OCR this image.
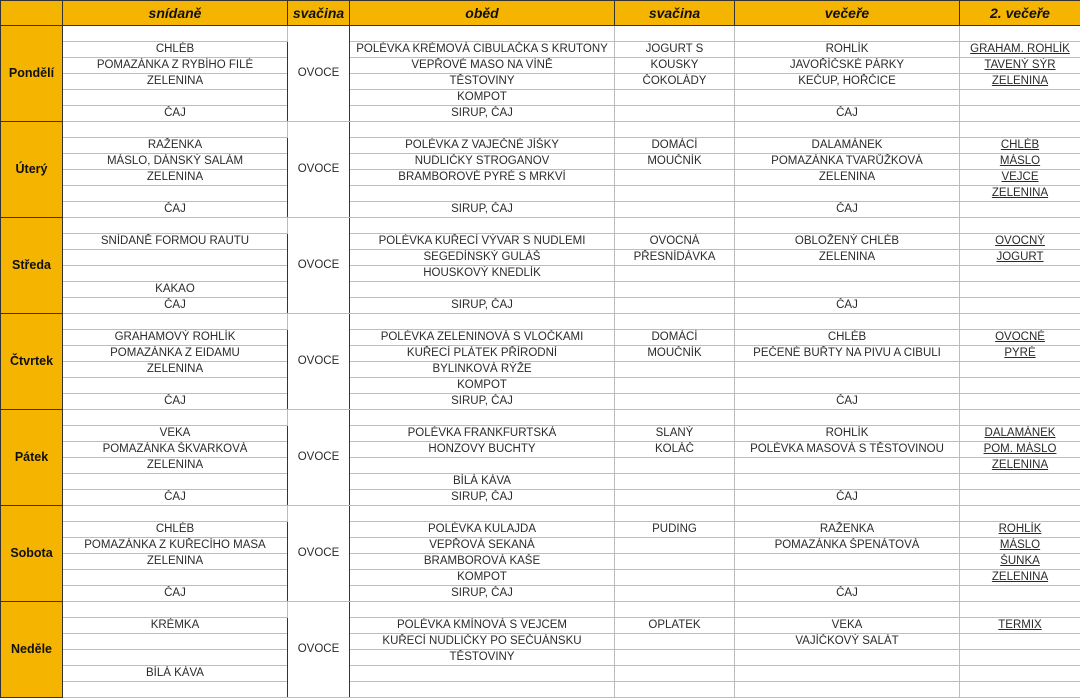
	snídaně	svačina	oběd	svačina	večeře	2. večeře
Pondělí		OVOCE				
	CHLÉB		POLÉVKA KRÉMOVÁ CIBULAČKA S KRUTONY	JOGURT S	ROHLÍK	GRAHAM. ROHLÍK
	POMAZÁNKA Z RYBÍHO FILÉ		VEPŘOVÉ MASO NA VÍNĚ	KOUSKY	JAVOŘÍČSKÉ PÁRKY	TAVENÝ SÝR
	ZELENINA		TĚSTOVINY	ČOKOLÁDY	KEČUP, HOŘČICE	ZELENINA
			KOMPOT			
	ČAJ		SIRUP, ČAJ		ČAJ	
Úterý		OVOCE				
	RAŽENKA		POLÉVKA Z VAJEČNÉ JÍŠKY	DOMÁCÍ	DALAMÁNEK	CHLÉB
	MÁSLO, DÁNSKÝ SALÁM		NUDLIČKY STROGANOV	MOUČNÍK	POMAZÁNKA TVARŮŽKOVÁ	MÁSLO
	ZELENINA		BRAMBOROVÉ PYRÉ S MRKVÍ		ZELENINA	VEJCE
						ZELENINA
	ČAJ		SIRUP, ČAJ		ČAJ	
Středa		OVOCE				
	SNÍDANĚ FORMOU RAUTU		POLÉVKA KUŘECÍ VÝVAR S NUDLEMI	OVOCNÁ	OBLOŽENÝ CHLÉB	OVOCNÝ
			SEGEDÍNSKÝ GULÁŠ	PŘESNÍDÁVKA	ZELENINA	JOGURT
			HOUSKOVÝ KNEDLÍK			
	KAKAO					
	ČAJ		SIRUP, ČAJ		ČAJ	
Čtvrtek		OVOCE				
	GRAHAMOVÝ ROHLÍK		POLÉVKA ZELENINOVÁ S VLOČKAMI	DOMÁCÍ	CHLÉB	OVOCNÉ
	POMAZÁNKA Z EIDAMU		KUŘECÍ PLÁTEK PŘÍRODNÍ	MOUČNÍK	PEČENÉ BUŘTY NA PIVU A CIBULI	PYRÉ
	ZELENINA		BYLINKOVÁ RÝŽE			
			KOMPOT			
	ČAJ		SIRUP, ČAJ		ČAJ	
Pátek		OVOCE				
	VEKA		POLÉVKA FRANKFURTSKÁ	SLANÝ	ROHLÍK	DALAMÁNEK
	POMAZÁNKA ŠKVARKOVÁ		HONZOVY BUCHTY	KOLÁČ	POLÉVKA MASOVÁ S TĚSTOVINOU	POM. MÁSLO
	ZELENINA					ZELENINA
			BÍLÁ KÁVA			
	ČAJ		SIRUP, ČAJ		ČAJ	
Sobota		OVOCE				
	CHLÉB		POLÉVKA KULAJDA	PUDING	RAŽENKA	ROHLÍK
	POMAZÁNKA Z KUŘECÍHO MASA		VEPŘOVÁ SEKANÁ		POMAZÁNKA ŠPENÁTOVÁ	MÁSLO
	ZELENINA		BRAMBOROVÁ KAŠE			ŠUNKA
			KOMPOT			ZELENINA
	ČAJ		SIRUP, ČAJ		ČAJ	
Neděle		OVOCE				
	KRÉMKA		POLÉVKA KMÍNOVÁ S VEJCEM	OPLATEK	VEKA	TERMIX
			KUŘECÍ NUDLIČKY PO SEČUÁNSKU		VAJÍČKOVÝ SALÁT	
			TĚSTOVINY			
	BÍLÁ KÁVA					
